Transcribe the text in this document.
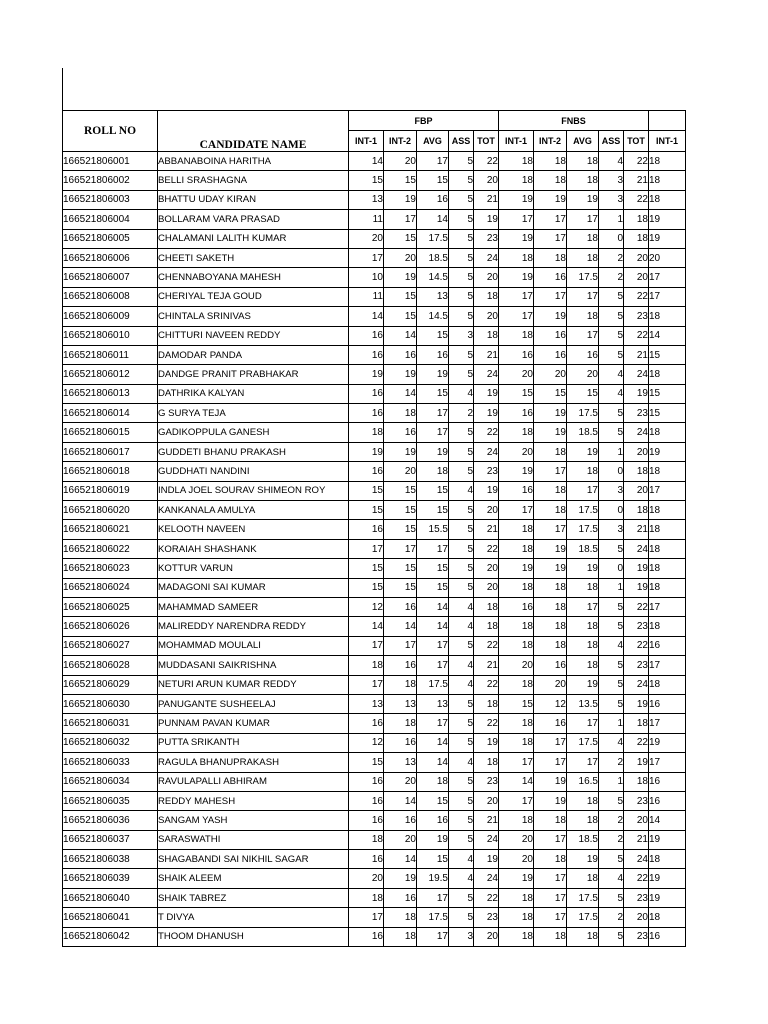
ROLL NO	CANDIDATE NAME	FBP					FNBS					
		INT-1	INT-2	AVG	ASS	TOT	INT-1	INT-2	AVG	ASS	TOT	INT-1
166521806001	ABBANABOINA HARITHA	14	20	17	5	22	18	18	18	4	22	18
166521806002	BELLI SRASHAGNA	15	15	15	5	20	18	18	18	3	21	18
166521806003	BHATTU UDAY KIRAN	13	19	16	5	21	19	19	19	3	22	18
166521806004	BOLLARAM VARA PRASAD	11	17	14	5	19	17	17	17	1	18	19
166521806005	CHALAMANI LALITH KUMAR	20	15	17.5	5	23	19	17	18	0	18	19
166521806006	CHEETI SAKETH	17	20	18.5	5	24	18	18	18	2	20	20
166521806007	CHENNABOYANA MAHESH	10	19	14.5	5	20	19	16	17.5	2	20	17
166521806008	CHERIYAL TEJA GOUD	11	15	13	5	18	17	17	17	5	22	17
166521806009	CHINTALA SRINIVAS	14	15	14.5	5	20	17	19	18	5	23	18
166521806010	CHITTURI NAVEEN REDDY	16	14	15	3	18	18	16	17	5	22	14
166521806011	DAMODAR PANDA	16	16	16	5	21	16	16	16	5	21	15
166521806012	DANDGE PRANIT PRABHAKAR	19	19	19	5	24	20	20	20	4	24	18
166521806013	DATHRIKA KALYAN	16	14	15	4	19	15	15	15	4	19	15
166521806014	G SURYA TEJA	16	18	17	2	19	16	19	17.5	5	23	15
166521806015	GADIKOPPULA GANESH	18	16	17	5	22	18	19	18.5	5	24	18
166521806017	GUDDETI BHANU PRAKASH	19	19	19	5	24	20	18	19	1	20	19
166521806018	GUDDHATI NANDINI	16	20	18	5	23	19	17	18	0	18	18
166521806019	INDLA JOEL SOURAV SHIMEON ROY	15	15	15	4	19	16	18	17	3	20	17
166521806020	KANKANALA AMULYA	15	15	15	5	20	17	18	17.5	0	18	18
166521806021	KELOOTH NAVEEN	16	15	15.5	5	21	18	17	17.5	3	21	18
166521806022	KORAIAH SHASHANK	17	17	17	5	22	18	19	18.5	5	24	18
166521806023	KOTTUR VARUN	15	15	15	5	20	19	19	19	0	19	18
166521806024	MADAGONI SAI KUMAR	15	15	15	5	20	18	18	18	1	19	18
166521806025	MAHAMMAD SAMEER	12	16	14	4	18	16	18	17	5	22	17
166521806026	MALIREDDY NARENDRA REDDY	14	14	14	4	18	18	18	18	5	23	18
166521806027	MOHAMMAD MOULALI	17	17	17	5	22	18	18	18	4	22	16
166521806028	MUDDASANI SAIKRISHNA	18	16	17	4	21	20	16	18	5	23	17
166521806029	NETURI ARUN KUMAR REDDY	17	18	17.5	4	22	18	20	19	5	24	18
166521806030	PANUGANTE SUSHEELAJ	13	13	13	5	18	15	12	13.5	5	19	16
166521806031	PUNNAM PAVAN KUMAR	16	18	17	5	22	18	16	17	1	18	17
166521806032	PUTTA SRIKANTH	12	16	14	5	19	18	17	17.5	4	22	19
166521806033	RAGULA BHANUPRAKASH	15	13	14	4	18	17	17	17	2	19	17
166521806034	RAVULAPALLI ABHIRAM	16	20	18	5	23	14	19	16.5	1	18	16
166521806035	REDDY MAHESH	16	14	15	5	20	17	19	18	5	23	16
166521806036	SANGAM YASH	16	16	16	5	21	18	18	18	2	20	14
166521806037	SARASWATHI	18	20	19	5	24	20	17	18.5	2	21	19
166521806038	SHAGABANDI SAI NIKHIL SAGAR	16	14	15	4	19	20	18	19	5	24	18
166521806039	SHAIK ALEEM	20	19	19.5	4	24	19	17	18	4	22	19
166521806040	SHAIK TABREZ	18	16	17	5	22	18	17	17.5	5	23	19
166521806041	T DIVYA	17	18	17.5	5	23	18	17	17.5	2	20	18
166521806042	THOOM DHANUSH	16	18	17	3	20	18	18	18	5	23	16
